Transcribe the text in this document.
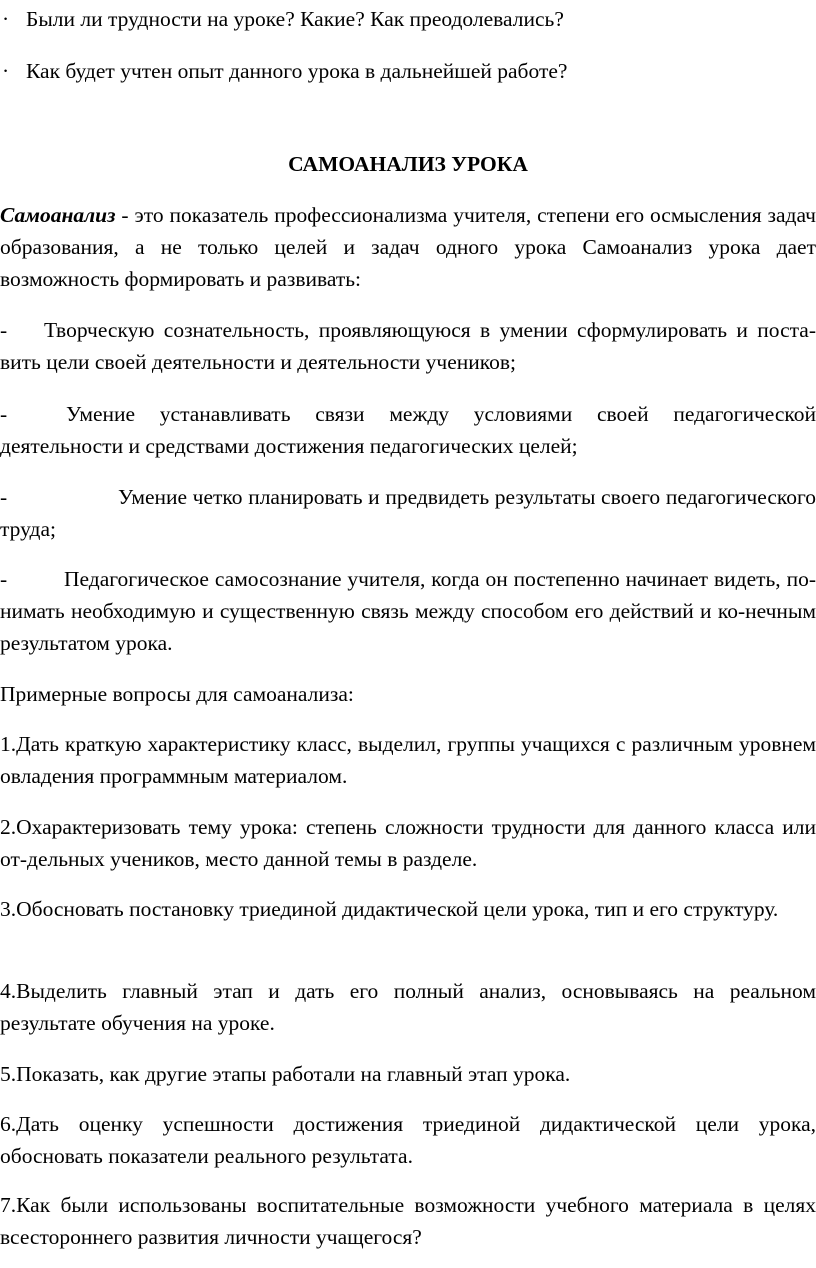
· Были ли трудности на уроке? Какие? Как преодолевались?

· Как будет учтен опыт данного урока в дальнейшей работе?

САМОАНАЛИЗ УРОКА

Самоанализ - это показатель профессионализма учителя, степени его осмысления задач образования, а не только целей и задач одного урока Самоанализ урока дает возможность формировать и развивать:

- Творческую сознательность, проявляющуюся в умении сформулировать и поста-вить цели своей деятельности и деятельности учеников;

-	Умение устанавливать связи между условиями своей педагогической деятельности и средствами достижения педагогических целей;

-	Умение четко планировать и предвидеть результаты своего педагогического труда;

-	Педагогическое самосознание учителя, когда он постепенно начинает видеть, по-нимать необходимую и существенную связь между способом его действий и ко-нечным результатом урока.

Примерные вопросы для самоанализа:

1.Дать краткую характеристику класс, выделил, группы учащихся с различным уровнем овладения программным материалом.

2.Охарактеризовать тему урока: степень сложности трудности для данного класса или от-дельных учеников, место данной темы в разделе.

3.Обосновать постановку триединой дидактической цели урока, тип и его структуру.

4.Выделить главный этап и дать его полный анализ, основываясь на реальном результате обучения на уроке.

5.Показать, как другие этапы работали на главный этап урока.

6.Дать оценку успешности достижения триединой дидактической цели урока, обосновать показатели реального результата.

7.Как были использованы воспитательные возможности учебного материала в целях всестороннего развития личности учащегося?
